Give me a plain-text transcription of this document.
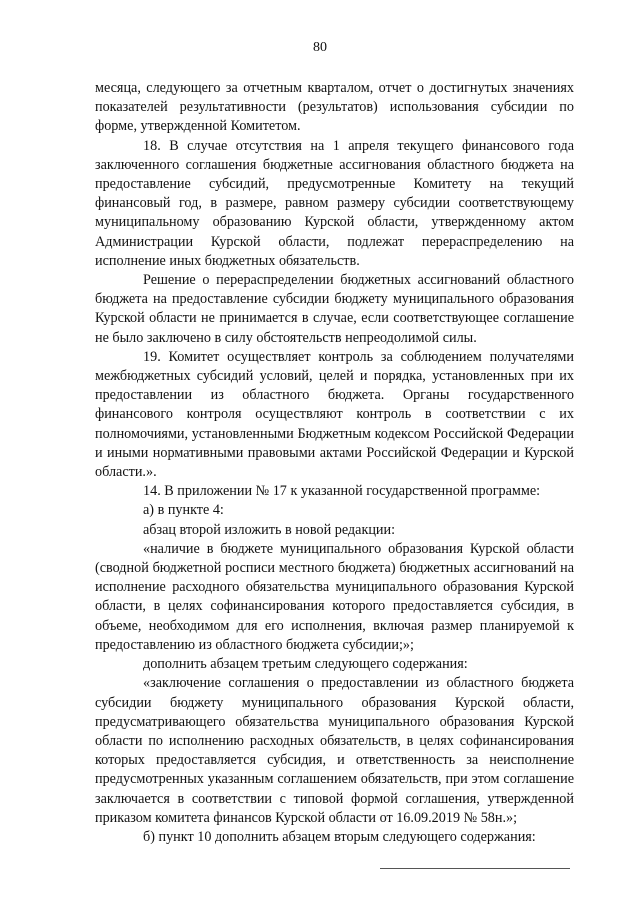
80

месяца, следующего за отчетным кварталом, отчет о достигнутых значениях показателей результативности (результатов) использования субсидии по форме, утвержденной Комитетом.

18. В случае отсутствия на 1 апреля текущего финансового года заключенного соглашения бюджетные ассигнования областного бюджета на предоставление субсидий, предусмотренные Комитету на текущий финансовый год, в размере, равном размеру субсидии соответствующему муниципальному образованию Курской области, утвержденному актом Администрации Курской области, подлежат перераспределению на исполнение иных бюджетных обязательств.

Решение о перераспределении бюджетных ассигнований областного бюджета на предоставление субсидии бюджету муниципального образования Курской области не принимается в случае, если соответствующее соглашение не было заключено в силу обстоятельств непреодолимой силы.

19. Комитет осуществляет контроль за соблюдением получателями межбюджетных субсидий условий, целей и порядка, установленных при их предоставлении из областного бюджета. Органы государственного финансового контроля осуществляют контроль в соответствии с их полномочиями, установленными Бюджетным кодексом Российской Федерации и иными нормативными правовыми актами Российской Федерации и Курской области.».

14. В приложении № 17 к указанной государственной программе:

а) в пункте 4:

абзац второй изложить в новой редакции:

«наличие в бюджете муниципального образования Курской области (сводной бюджетной росписи местного бюджета) бюджетных ассигнований на исполнение расходного обязательства муниципального образования Курской области, в целях софинансирования которого предоставляется субсидия, в объеме, необходимом для его исполнения, включая размер планируемой к предоставлению из областного бюджета субсидии;»;

дополнить абзацем третьим следующего содержания:

«заключение соглашения о предоставлении из областного бюджета субсидии бюджету муниципального образования Курской области, предусматривающего обязательства муниципального образования Курской области по исполнению расходных обязательств, в целях софинансирования которых предоставляется субсидия, и ответственность за неисполнение предусмотренных указанным соглашением обязательств, при этом соглашение заключается в соответствии с типовой формой соглашения, утвержденной приказом комитета финансов Курской области от 16.09.2019 № 58н.»;

б) пункт 10 дополнить абзацем вторым следующего содержания:
